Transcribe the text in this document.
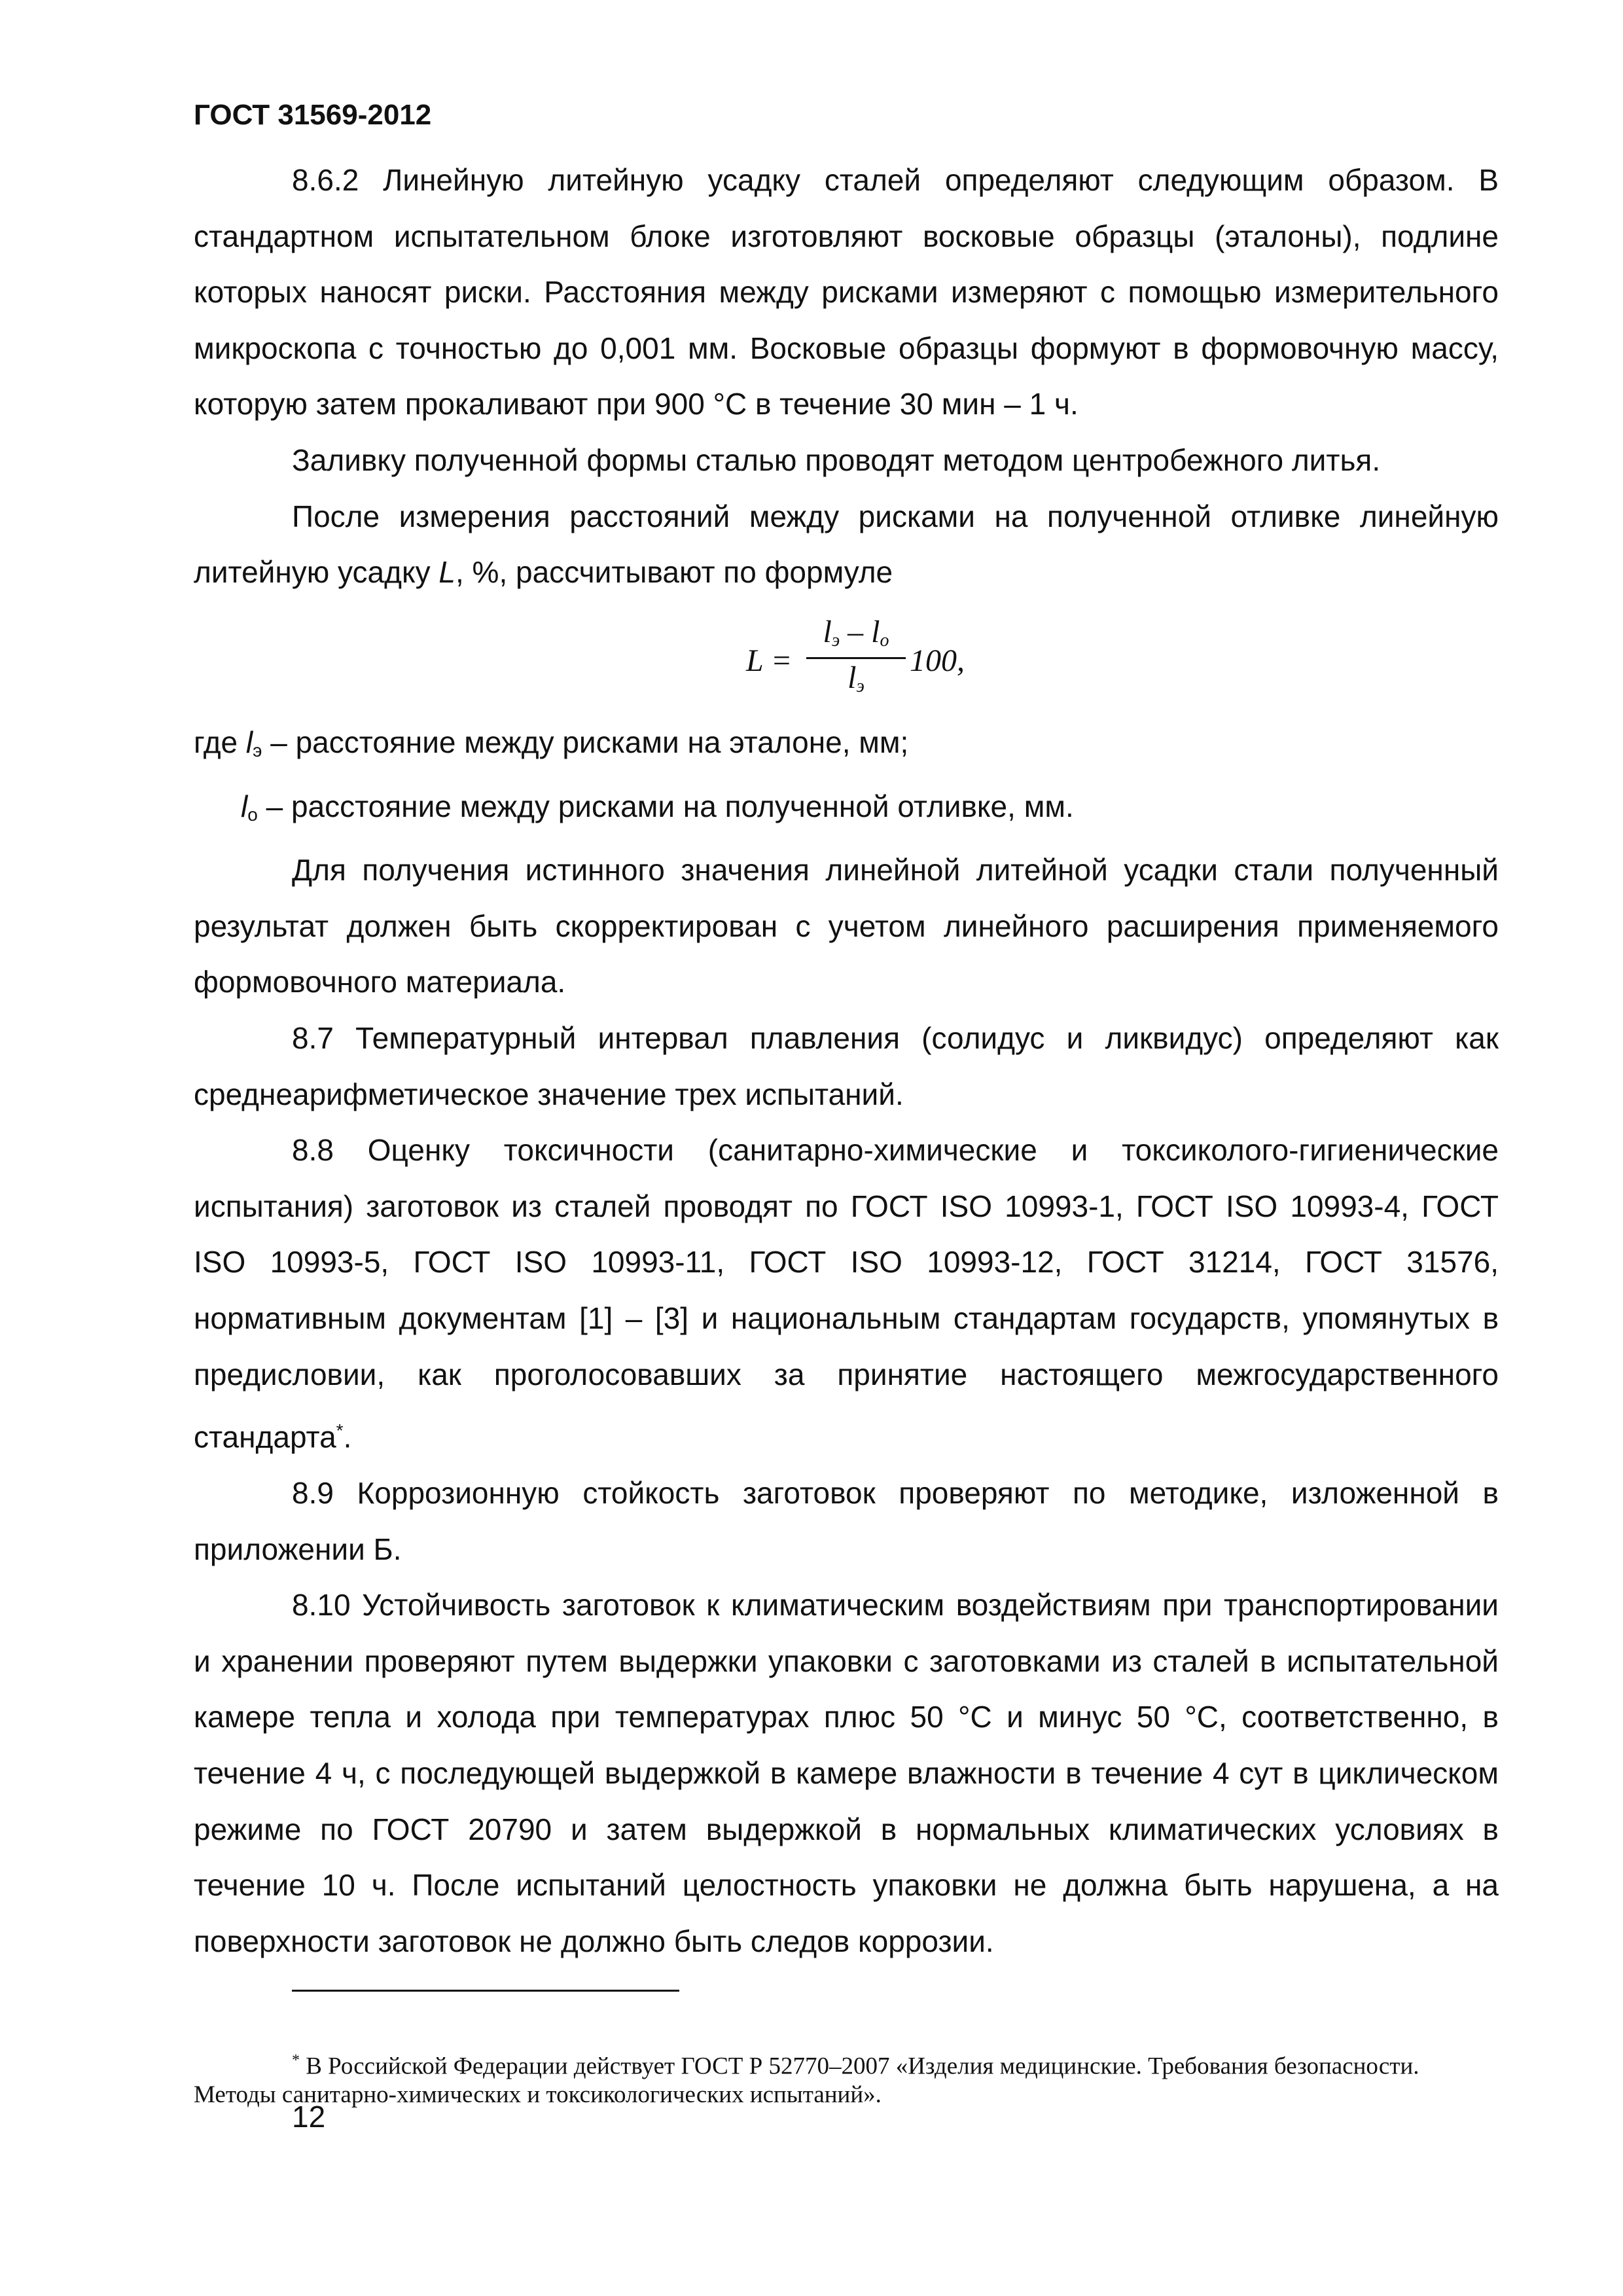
ГОСТ 31569-2012

8.6.2 Линейную литейную усадку сталей определяют следующим образом. В стандартном испытательном блоке изготовляют восковые образцы (эталоны), подлине которых наносят риски. Расстояния между рисками измеряют с помощью измерительного микроскопа с точностью до 0,001 мм. Восковые образцы формуют в формовочную массу, которую затем прокаливают при 900 °С в течение 30 мин – 1 ч.

Заливку полученной формы сталью проводят методом центробежного литья.

После измерения расстояний между рисками на полученной отливке линейную литейную усадку L, %, рассчитывают по формуле

L =
$l_э - l_о$
$l_э$
100,

где $l_э$ – расстояние между рисками на эталоне, мм;

$l_о$ – расстояние между рисками на полученной отливке, мм.

Для получения истинного значения линейной литейной усадки стали полученный результат должен быть скорректирован с учетом линейного расширения применяемого формовочного материала.

8.7 Температурный интервал плавления (солидус и ликвидус) определяют как среднеарифметическое значение трех испытаний.

8.8 Оценку токсичности (санитарно-химические и токсиколого-гигиенические испытания) заготовок из сталей проводят по ГОСТ ISO 10993-1, ГОСТ ISO 10993-4, ГОСТ ISO 10993-5, ГОСТ ISO 10993-11, ГОСТ ISO 10993-12, ГОСТ 31214, ГОСТ 31576, нормативным документам [1] – [3] и национальным стандартам государств, упомянутых в предисловии, как проголосовавших за принятие настоящего межгосударственного стандарта*.

8.9 Коррозионную стойкость заготовок проверяют по методике, изложенной в приложении Б.

8.10 Устойчивость заготовок к климатическим воздействиям при транспортировании и хранении проверяют путем выдержки упаковки с заготовками из сталей в испытательной камере тепла и холода при температурах плюс 50 °С и минус 50 °С, соответственно, в течение 4 ч, с последующей выдержкой в камере влажности в течение 4 сут в циклическом режиме по ГОСТ 20790 и затем выдержкой в нормальных климатических условиях в течение 10 ч. После испытаний целостность упаковки не должна быть нарушена, а на поверхности заготовок не должно быть следов коррозии.

* В Российской Федерации действует ГОСТ Р 52770–2007 «Изделия медицинские. Требования безопасности. Методы санитарно-химических и токсикологических испытаний».
12
